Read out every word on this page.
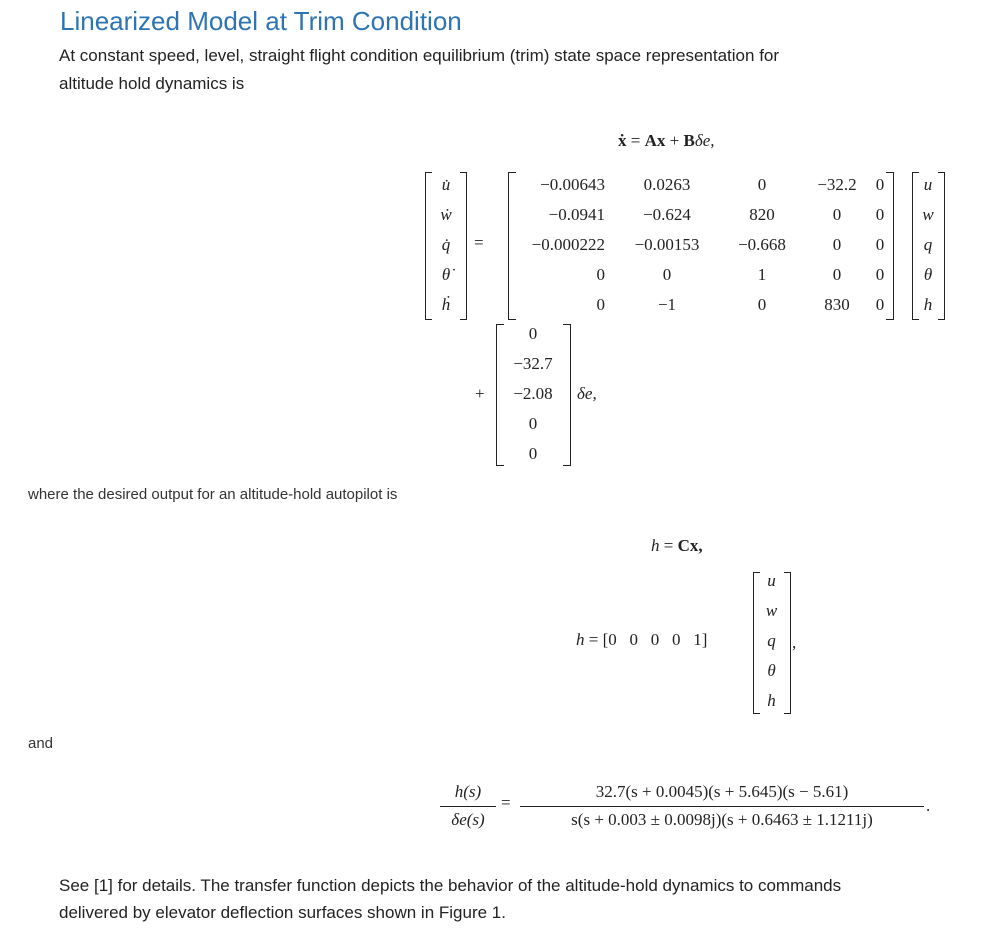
Linearized Model at Trim Condition
At constant speed, level, straight flight condition equilibrium (trim) state space representation for
altitude hold dynamics is
ẋ = Ax + Bδe,
u̇
ẇ
q̇
θ̇
ḣ
=
−0.00643
−0.0941
−0.000222
0
0
0.0263
−0.624
−0.00153
0
−1
0
820
−0.668
1
0
−32.2
0
0
0
830
0
0
0
0
0
u
w
q
θ
h
+
0
−32.7
−2.08
0
0
δe,
where the desired output for an altitude-hold autopilot is
h = Cx,
h = [0 0 0 0 1]
u
w
q
θ
h
,
and
h(s)
δe(s)
=
32.7(s + 0.0045)(s + 5.645)(s − 5.61)
s(s + 0.003 ± 0.0098j)(s + 0.6463 ± 1.1211j)
.
See [1] for details. The transfer function depicts the behavior of the altitude-hold dynamics to commands
delivered by elevator deflection surfaces shown in Figure 1.
